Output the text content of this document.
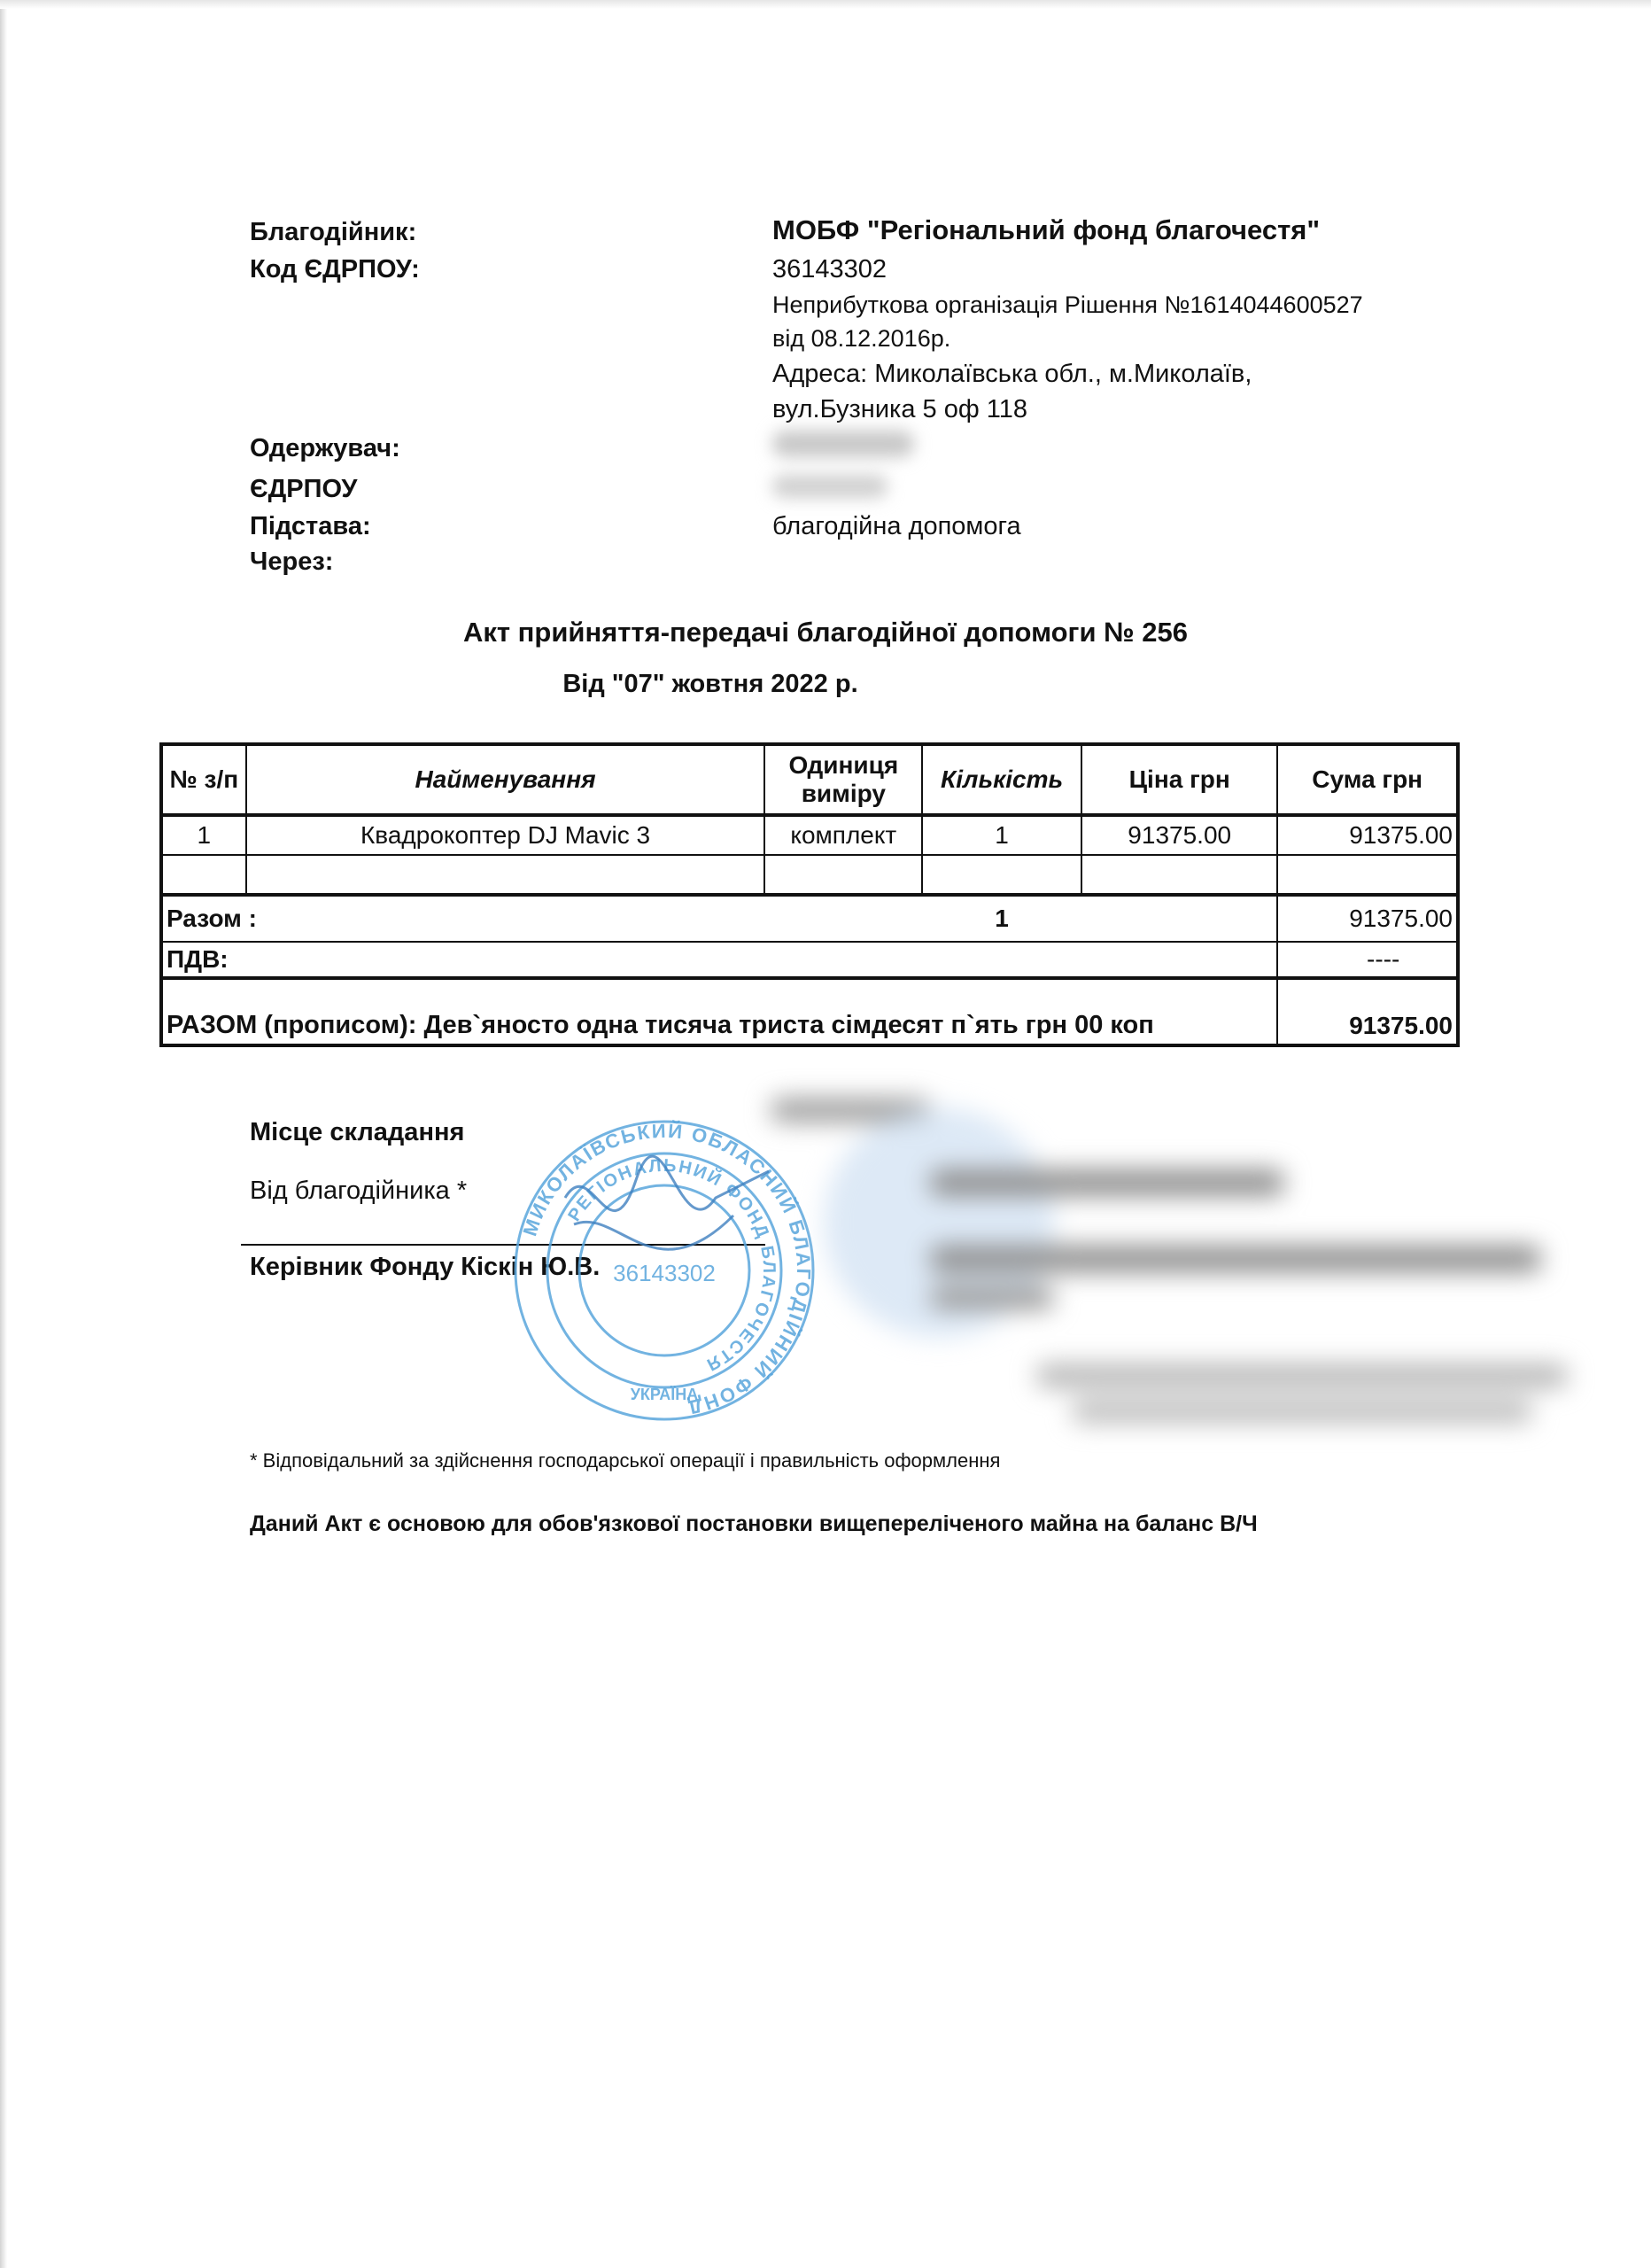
Благодійник:	МОБФ "Регіональний фонд благочестя"
Код ЄДРПОУ:	36143302
Неприбуткова організація Рішення №1614044600527
від 08.12.2016р.
Адреса: Миколаївська обл., м.Миколаїв,
вул.Бузника 5 оф 118
Одержувач:
ЄДРПОУ
Підстава:	благодійна допомога
Через:
Акт прийняття-передачі благодійної допомоги № 256
Від "07" жовтня 2022 р.
№ з/п	Найменування	Одиниця виміру	Кількість	Ціна грн	Сума грн
1	Квадрокоптер DJ Mavic 3	комплект	1	91375.00	91375.00

Разом :			1		91375.00
ПДВ:					----
РАЗОМ (прописом): Дев`яносто одна тисяча триста сімдесят п`ять грн 00 коп					91375.00
Місце складання
Від благодійника *
Керівник Фонду Кіскін Ю.В.
МИКОЛАЇВСЬКИЙ ОБЛАСНИЙ БЛАГОДІЙНИЙ ФОНД
РЕГІОНАЛЬНИЙ ФОНД БЛАГОЧЕСТЯ
36143302
УКРАЇНА
* Відповідальний за здійснення господарської операції і правильність оформлення
Даний Акт є основою для обов'язкової постановки вищепереліченого майна на баланс В/Ч
